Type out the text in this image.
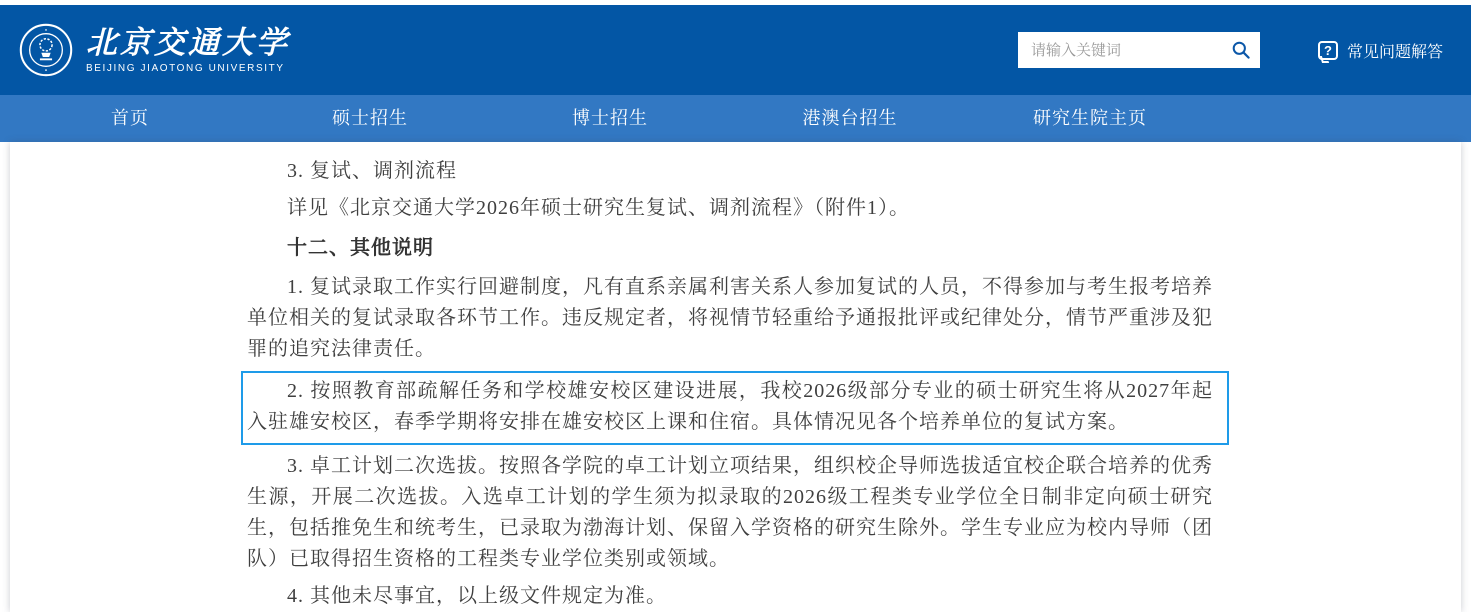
北京交通大学
BEIJING JIAOTONG UNIVERSITY
请输入关键词
? 常见问题解答
首页	硕士招生	博士招生	港澳台招生	研究生院主页

3. 复试、调剂流程

详见《北京交通大学2026年硕士研究生复试、调剂流程》（附件1）。

十二、其他说明

1. 复试录取工作实行回避制度，凡有直系亲属利害关系人参加复试的人员，不得参加与考生报考培养单位相关的复试录取各环节工作。违反规定者，将视情节轻重给予通报批评或纪律处分，情节严重涉及犯罪的追究法律责任。

2. 按照教育部疏解任务和学校雄安校区建设进展，我校2026级部分专业的硕士研究生将从2027年起入驻雄安校区，春季学期将安排在雄安校区上课和住宿。具体情况见各个培养单位的复试方案。

3. 卓工计划二次选拔。按照各学院的卓工计划立项结果，组织校企导师选拔适宜校企联合培养的优秀生源，开展二次选拔。入选卓工计划的学生须为拟录取的2026级工程类专业学位全日制非定向硕士研究生，包括推免生和统考生，已录取为渤海计划、保留入学资格的研究生除外。学生专业应为校内导师（团队）已取得招生资格的工程类专业学位类别或领域。

4. 其他未尽事宜，以上级文件规定为准。
